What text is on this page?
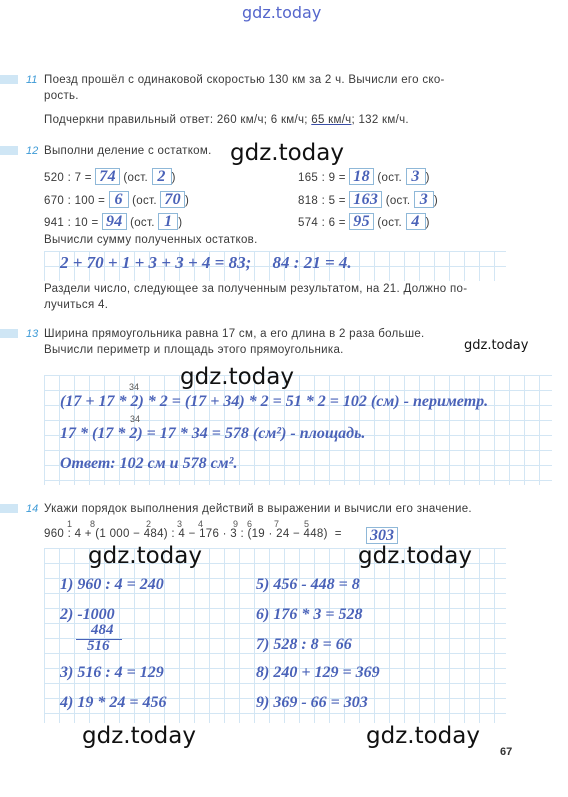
gdz.today
11 Поезд прошёл с одинаковой скоростью 130 км за 2 ч. Вычисли его ско-
рость.
Подчеркни правильный ответ: 260 км/ч; 6 км/ч; 65 км/ч; 132 км/ч.
12 Выполни деление с остатком.
520 : 7 = 74 (ост. 2 )
670 : 100 = 6 (ост. 70 )
941 : 10 = 94 (ост. 1 )
165 : 9 = 18 (ост. 3 )
818 : 5 = 163 (ост. 3 )
574 : 6 = 95 (ост. 4 )
Вычисли сумму полученных остатков.
2 + 70 + 1 + 3 + 3 + 4 = 83;     84 : 21 = 4.
Раздели число, следующее за полученным результатом, на 21. Должно по-
лучиться 4.
13 Ширина прямоугольника равна 17 см, а его длина в 2 раза больше.
Вычисли периметр и площадь этого прямоугольника.
34
(17 + 17 * 2) * 2 = (17 + 34) * 2 = 51 * 2 = 102 (см) - периметр.
34
17 * (17 * 2) = 17 * 34 = 578 (см²) - площадь.
Ответ: 102 см и 578 см².
14 Укажи порядок выполнения действий в выражении и вычисли его значение.
1 8	2	3 4	9 6 7	5
960 : 4 + (1 000 − 484) : 4 − 176 · 3 : (19 · 24 − 448)  = 303
1) 960 : 4 = 240
2) -1000
484
516
3) 516 : 4 = 129
4) 19 * 24 = 456
5) 456 - 448 = 8
6) 176 * 3 = 528
7) 528 : 8 = 66
8) 240 + 129 = 369
9) 369 - 66 = 303
gdz.today
gdz.today
gdz.today
gdz.today	gdz.today
gdz.today	gdz.today
67
